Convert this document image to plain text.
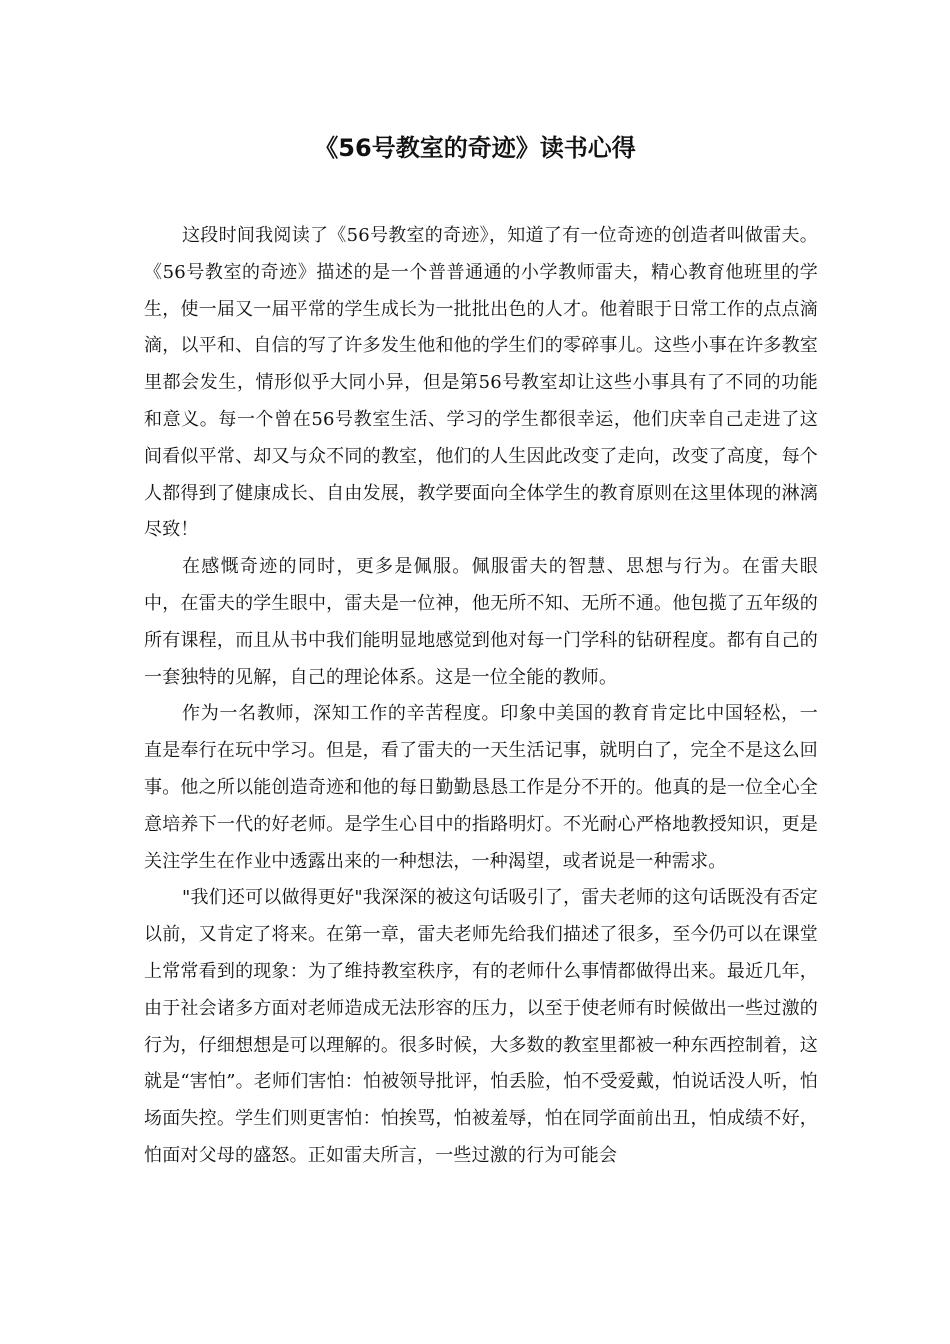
《56号教室的奇迹》读书心得

这段时间我阅读了《56号教室的奇迹》，知道了有一位奇迹的创造者叫做雷夫。《56号教室的奇迹》描述的是一个普普通通的小学教师雷夫，精心教育他班里的学生，使一届又一届平常的学生成长为一批批出色的人才。他着眼于日常工作的点点滴滴，以平和、自信的写了许多发生他和他的学生们的零碎事儿。这些小事在许多教室里都会发生，情形似乎大同小异，但是第56号教室却让这些小事具有了不同的功能和意义。每一个曾在56号教室生活、学习的学生都很幸运，他们庆幸自己走进了这间看似平常、却又与众不同的教室，他们的人生因此改变了走向，改变了高度，每个人都得到了健康成长、自由发展，教学要面向全体学生的教育原则在这里体现的淋漓尽致！

在感慨奇迹的同时，更多是佩服。佩服雷夫的智慧、思想与行为。在雷夫眼中，在雷夫的学生眼中，雷夫是一位神，他无所不知、无所不通。他包揽了五年级的所有课程，而且从书中我们能明显地感觉到他对每一门学科的钻研程度。都有自己的一套独特的见解，自己的理论体系。这是一位全能的教师。

作为一名教师，深知工作的辛苦程度。印象中美国的教育肯定比中国轻松，一直是奉行在玩中学习。但是，看了雷夫的一天生活记事，就明白了，完全不是这么回事。他之所以能创造奇迹和他的每日勤勤恳恳工作是分不开的。他真的是一位全心全意培养下一代的好老师。是学生心目中的指路明灯。不光耐心严格地教授知识，更是关注学生在作业中透露出来的一种想法，一种渴望，或者说是一种需求。

"我们还可以做得更好"我深深的被这句话吸引了，雷夫老师的这句话既没有否定以前，又肯定了将来。在第一章，雷夫老师先给我们描述了很多，至今仍可以在课堂上常常看到的现象：为了维持教室秩序，有的老师什么事情都做得出来。最近几年，由于社会诸多方面对老师造成无法形容的压力，以至于使老师有时候做出一些过激的行为，仔细想想是可以理解的。很多时候，大多数的教室里都被一种东西控制着，这就是“害怕”。老师们害怕：怕被领导批评，怕丢脸，怕不受爱戴，怕说话没人听，怕场面失控。学生们则更害怕：怕挨骂，怕被羞辱，怕在同学面前出丑，怕成绩不好，怕面对父母的盛怒。正如雷夫所言，一些过激的行为可能会
